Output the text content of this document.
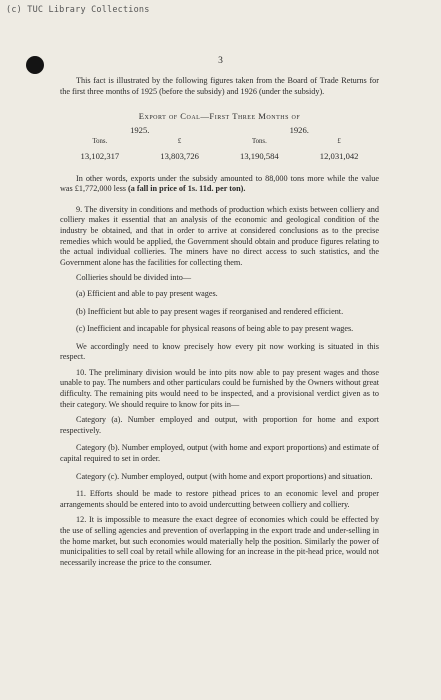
(c) TUC Library Collections
3

This fact is illustrated by the following figures taken from the Board of Trade Returns for the first three months of 1925 (before the subsidy) and 1926 (under the subsidy).

Export of Coal—First Three Months of
1925.	1926.
Tons.	£	Tons.	£
13,102,317	13,803,726	13,190,584	12,031,042

In other words, exports under the subsidy amounted to 88,000 tons more while the value was £1,772,000 less (a fall in price of 1s. 11d. per ton).

9. The diversity in conditions and methods of production which exists between colliery and colliery makes it essential that an analysis of the economic and geological condition of the industry be obtained, and that in order to arrive at considered conclusions as to the precise remedies which would be applied, the Government should obtain and produce figures relating to the actual individual collieries. The miners have no direct access to such statistics, and the Government alone has the facilities for collecting them.

Collieries should be divided into—

(a) Efficient and able to pay present wages.

(b) Inefficient but able to pay present wages if reorganised and rendered efficient.

(c) Inefficient and incapable for physical reasons of being able to pay present wages.

We accordingly need to know precisely how every pit now working is situated in this respect.

10. The preliminary division would be into pits now able to pay present wages and those unable to pay. The numbers and other particulars could be furnished by the Owners without great difficulty. The remaining pits would need to be inspected, and a provisional verdict given as to their category. We should require to know for pits in—

Category (a). Number employed and output, with proportion for home and export respectively.

Category (b). Number employed, output (with home and export proportions) and estimate of capital required to set in order.

Category (c). Number employed, output (with home and export proportions) and situation.

11. Efforts should be made to restore pithead prices to an economic level and proper arrangements should be entered into to avoid undercutting between colliery and colliery.

12. It is impossible to measure the exact degree of economies which could be effected by the use of selling agencies and prevention of overlapping in the export trade and under-selling in the home market, but such economies would materially help the position. Similarly the power of municipalities to sell coal by retail while allowing for an increase in the pit-head price, would not necessarily increase the price to the consumer.
